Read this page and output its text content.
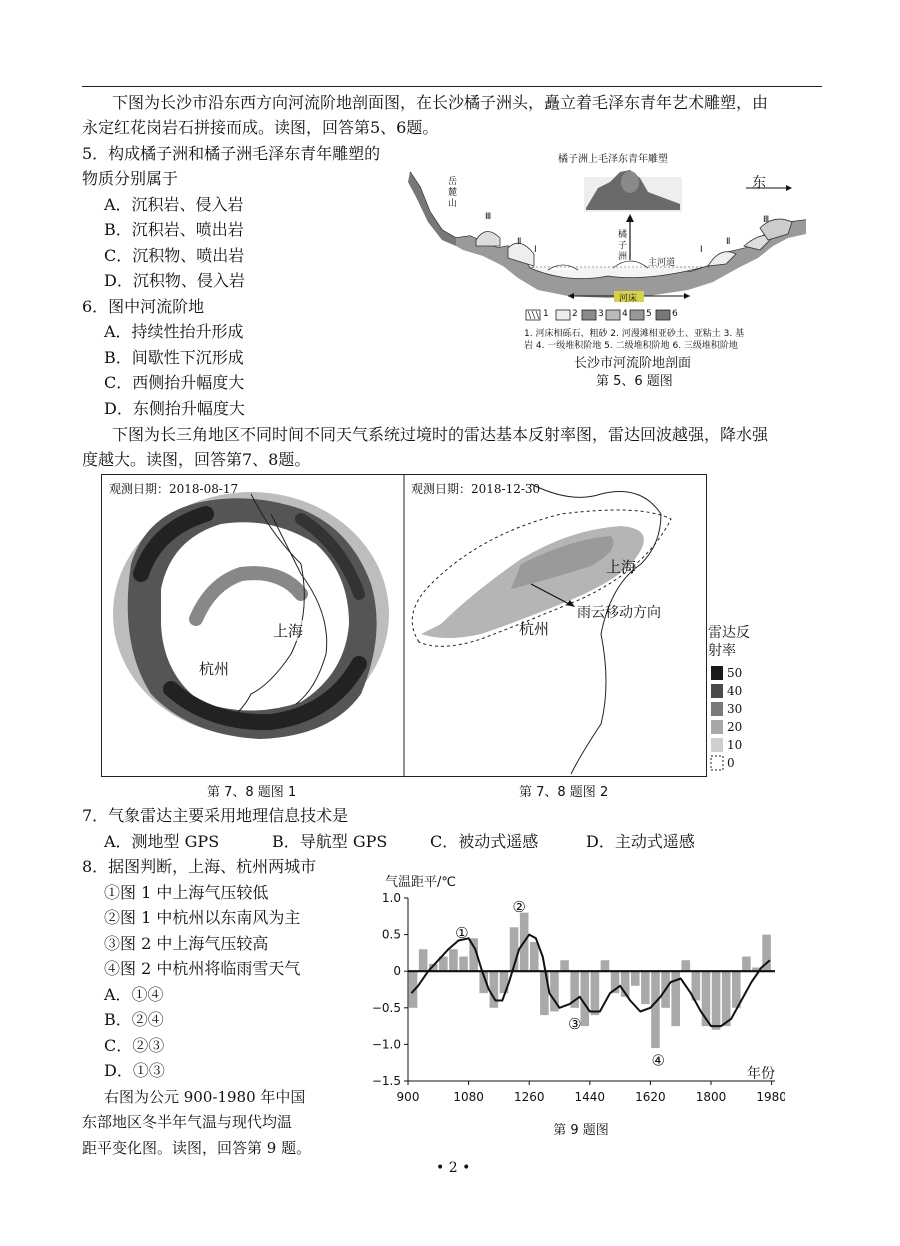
下图为长沙市沿东西方向河流阶地剖面图，在长沙橘子洲头，矗立着毛泽东青年艺术雕塑，由
永定红花岗岩石拼接而成。读图，回答第5、6题。
5．构成橘子洲和橘子洲毛泽东青年雕塑的
物质分别属于
A．沉积岩、侵入岩
B．沉积岩、喷出岩
C．沉积物、喷出岩
D．沉积物、侵入岩
6．图中河流阶地
A．持续性抬升形成
B．间歇性下沉形成
C．西侧抬升幅度大
D．东侧抬升幅度大
橘子洲上毛泽东青年雕塑
东
岳麓山
橘子洲
主河道
河床
Ⅲ
Ⅱ
Ⅰ	Ⅰ
Ⅱ
Ⅲ
1	2 3 4 5 6
1. 河床相砾石、粗砂 2. 河漫滩相亚砂土、亚粘土 3. 基
岩 4. 一级堆积阶地 5. 二级堆积阶地 6. 三级堆积阶地
长沙市河流阶地剖面
第 5、6 题图
下图为长三角地区不同时间不同天气系统过境时的雷达基本反射率图，雷达回波越强，降水强
度越大。读图，回答第7、8题。
观测日期：2018-08-17	观测日期：2018-12-30
上海
杭州
上海
杭州
雨云移动方向
第 7、8 题图 1	第 7、8 题图 2
雷达反
射率
50
40
30
20
10
0
7．气象雷达主要采用地理信息技术是
A．测地型 GPS	B．导航型 GPS	C．被动式遥感	D．主动式遥感
8．据图判断，上海、杭州两城市
①图 1 中上海气压较低
②图 1 中杭州以东南风为主
③图 2 中上海气压较高
④图 2 中杭州将临雨雪天气
A．①④
B．②④
C．②③
D．①③
右图为公元 900-1980 年中国
东部地区冬半年气温与现代均温
距平变化图。读图，回答第 9 题。
1.0
0.5
0
−0.5
−1.0
−1.5
900	1080	1260	1440	1620	1800	1980
①
②
③
④
气温距平/℃
年份
第 9 题图
• 2 •
